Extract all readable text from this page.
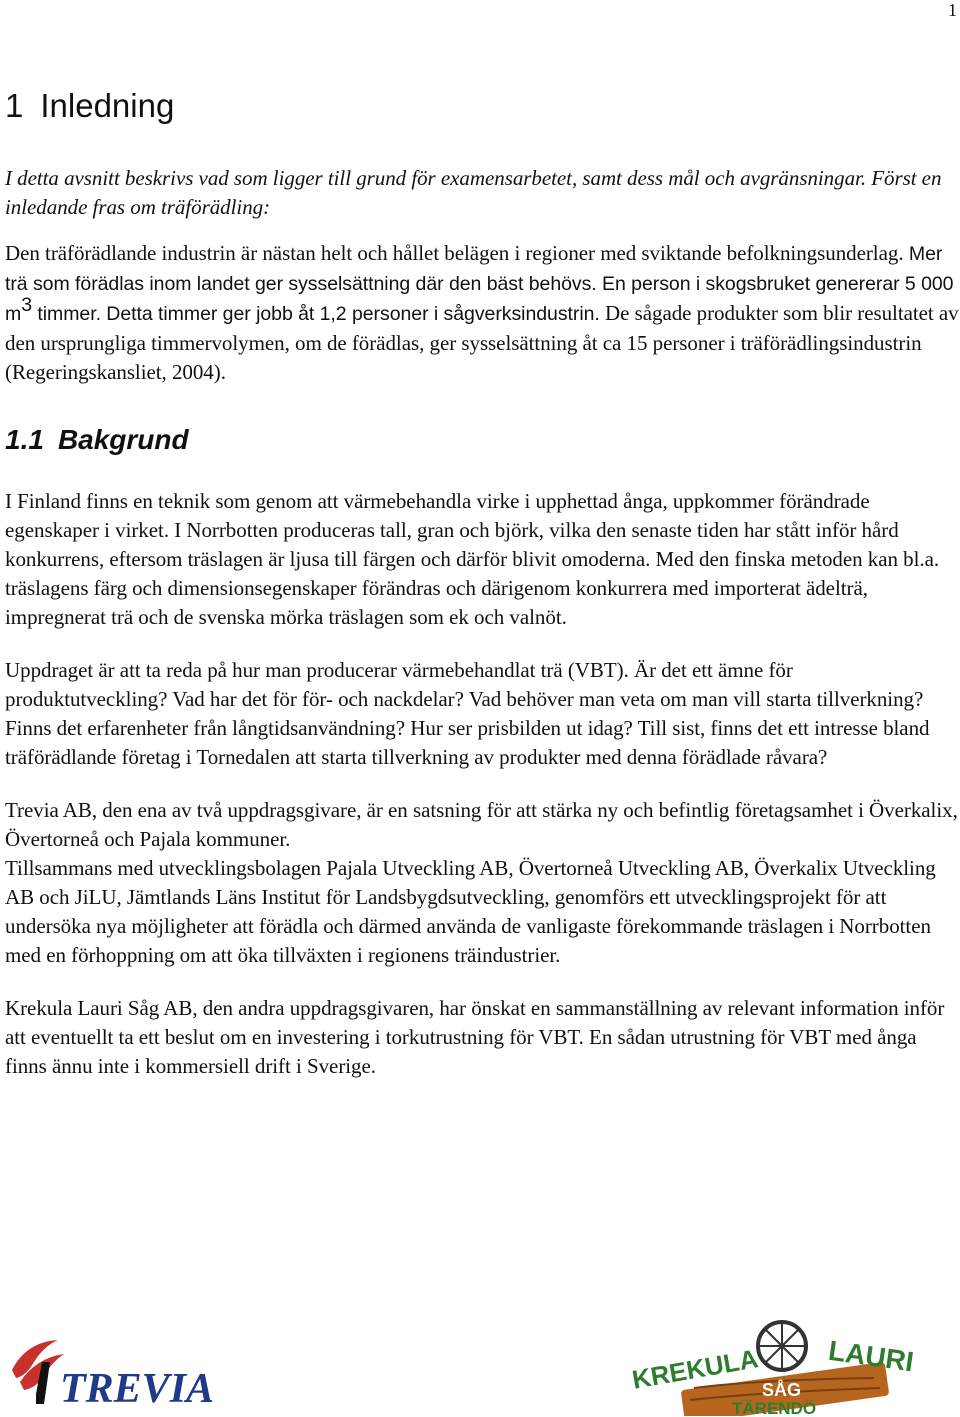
1
1 Inledning

I detta avsnitt beskrivs vad som ligger till grund för examensarbetet, samt dess mål och avgränsningar. Först en inledande fras om träförädling:

Den träförädlande industrin är nästan helt och hållet belägen i regioner med sviktande befolkningsunderlag. Mer trä som förädlas inom landet ger sysselsättning där den bäst behövs. En person i skogsbruket genererar 5 000 $m^3$ timmer. Detta timmer ger jobb åt 1,2 personer i sågverksindustrin. De sågade produkter som blir resultatet av den ursprungliga timmervolymen, om de förädlas, ger sysselsättning åt ca 15 personer i träförädlingsindustrin (Regeringskansliet, 2004).

1.1 Bakgrund

I Finland finns en teknik som genom att värmebehandla virke i upphettad ånga, uppkommer förändrade egenskaper i virket. I Norrbotten produceras tall, gran och björk, vilka den senaste tiden har stått inför hård konkurrens, eftersom träslagen är ljusa till färgen och därför blivit omoderna. Med den finska metoden kan bl.a. träslagens färg och dimensionsegenskaper förändras och därigenom konkurrera med importerat ädelträ, impregnerat trä och de svenska mörka träslagen som ek och valnöt.

Uppdraget är att ta reda på hur man producerar värmebehandlat trä (VBT). Är det ett ämne för produktutveckling? Vad har det för för- och nackdelar? Vad behöver man veta om man vill starta tillverkning? Finns det erfarenheter från långtidsanvändning? Hur ser prisbilden ut idag? Till sist, finns det ett intresse bland träförädlande företag i Tornedalen att starta tillverkning av produkter med denna förädlade råvara?

Trevia AB, den ena av två uppdragsgivare, är en satsning för att stärka ny och befintlig företagsamhet i Överkalix, Övertorneå och Pajala kommuner.

Tillsammans med utvecklingsbolagen Pajala Utveckling AB, Övertorneå Utveckling AB, Överkalix Utveckling AB och JiLU, Jämtlands Läns Institut för Landsbygdsutveckling, genomförs ett utvecklingsprojekt för att undersöka nya möjligheter att förädla och därmed använda de vanligaste förekommande träslagen i Norrbotten med en förhoppning om att öka tillväxten i regionens träindustrier.

Krekula Lauri Såg AB, den andra uppdragsgivaren, har önskat en sammanställning av relevant information inför att eventuellt ta ett beslut om en investering i torkutrustning för VBT. En sådan utrustning för VBT med ånga finns ännu inte i kommersiell drift i Sverige.

TREVIA	KREKULA LAURI
SÅG
TÄRENDÖ
